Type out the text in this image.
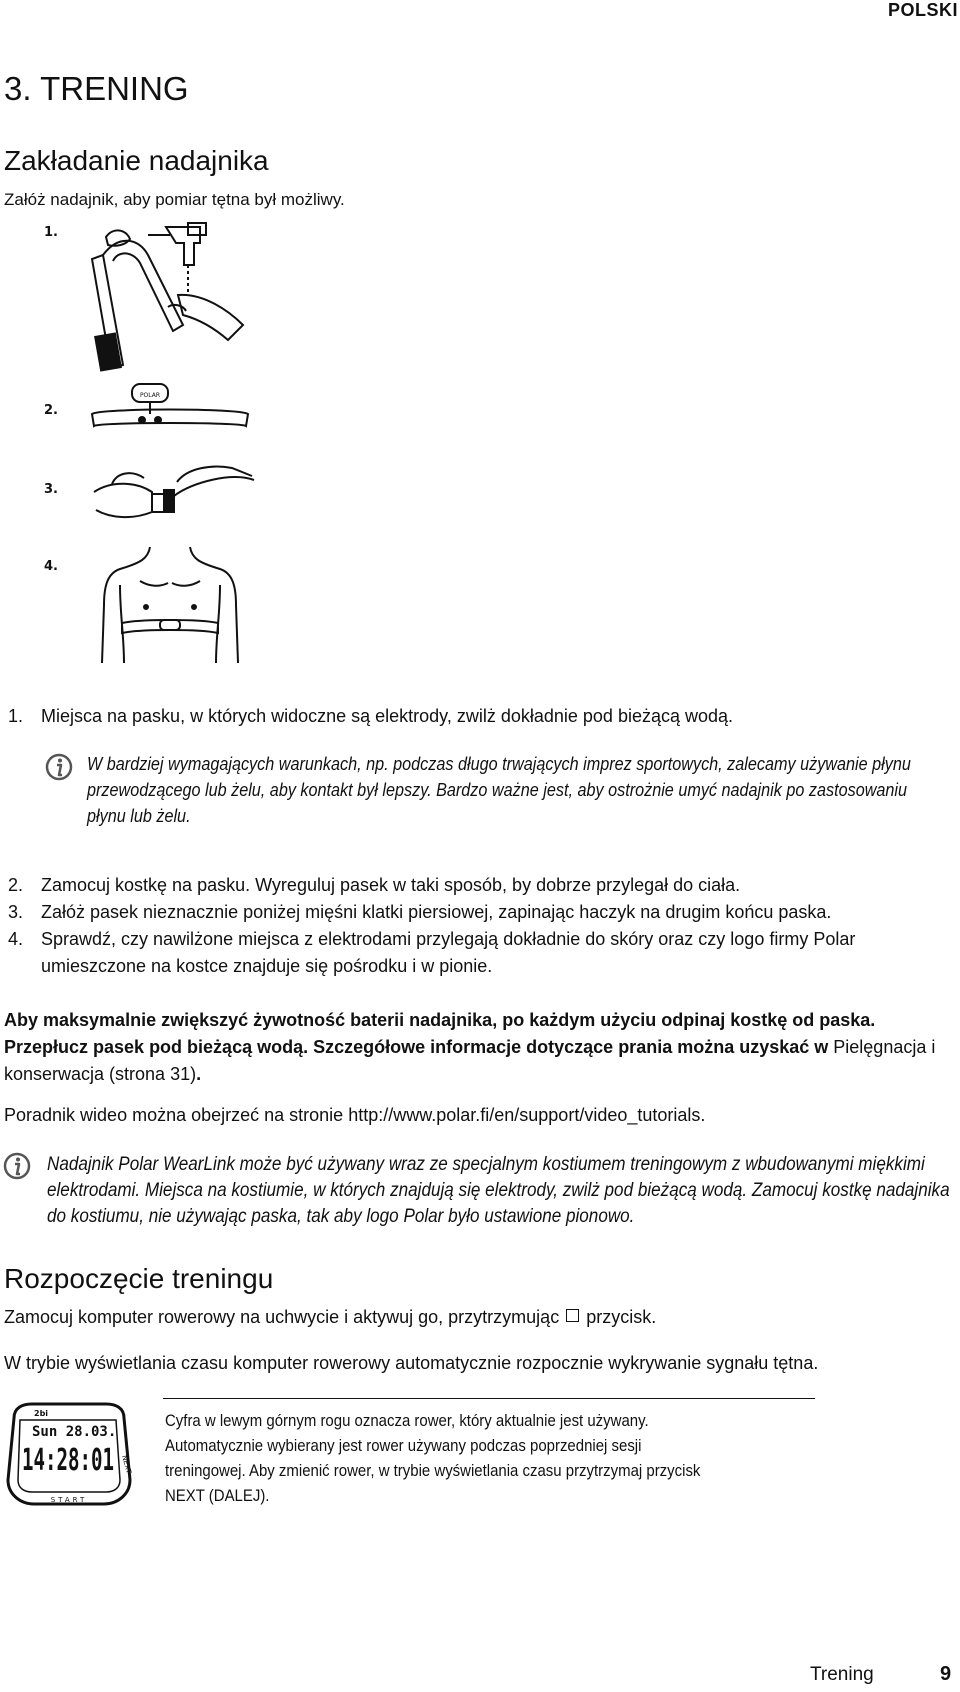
POLSKI
3. TRENING
Zakładanie nadajnika
Załóż nadajnik, aby pomiar tętna był możliwy.
1.
2.
3.
4.
POLAR
1. Miejsca na pasku, w których widoczne są elektrody, zwilż dokładnie pod bieżącą wodą.
W bardziej wymagających warunkach, np. podczas długo trwających imprez sportowych, zalecamy używanie płynu przewodzącego lub żelu, aby kontakt był lepszy. Bardzo ważne jest, aby ostrożnie umyć nadajnik po zastosowaniu płynu lub żelu.
2. Zamocuj kostkę na pasku. Wyreguluj pasek w taki sposób, by dobrze przylegał do ciała.
3. Załóż pasek nieznacznie poniżej mięśni klatki piersiowej, zapinając haczyk na drugim końcu paska.
4. Sprawdź, czy nawilżone miejsca z elektrodami przylegają dokładnie do skóry oraz czy logo firmy Polar umieszczone na kostce znajduje się pośrodku i w pionie.
Aby maksymalnie zwiększyć żywotność baterii nadajnika, po każdym użyciu odpinaj kostkę od paska. Przepłucz pasek pod bieżącą wodą. Szczegółowe informacje dotyczące prania można uzyskać w Pielęgnacja i konserwacja (strona 31).
Poradnik wideo można obejrzeć na stronie http://www.polar.fi/en/support/video_tutorials.
Nadajnik Polar WearLink może być używany wraz ze specjalnym kostiumem treningowym z wbudowanymi miękkimi elektrodami. Miejsca na kostiumie, w których znajdują się elektrody, zwilż pod bieżącą wodą. Zamocuj kostkę nadajnika do kostiumu, nie używając paska, tak aby logo Polar było ustawione pionowo.
Rozpoczęcie treningu
Zamocuj komputer rowerowy na uchwycie i aktywuj go, przytrzymując przycisk.
W trybie wyświetlania czasu komputer rowerowy automatycznie rozpocznie wykrywanie sygnału tętna.
2bi
Sun 28.03.
14:28:01 NEXT
START
Cyfra w lewym górnym rogu oznacza rower, który aktualnie jest używany.
Automatycznie wybierany jest rower używany podczas poprzedniej sesji
treningowej. Aby zmienić rower, w trybie wyświetlania czasu przytrzymaj przycisk
NEXT (DALEJ).
Trening	9
